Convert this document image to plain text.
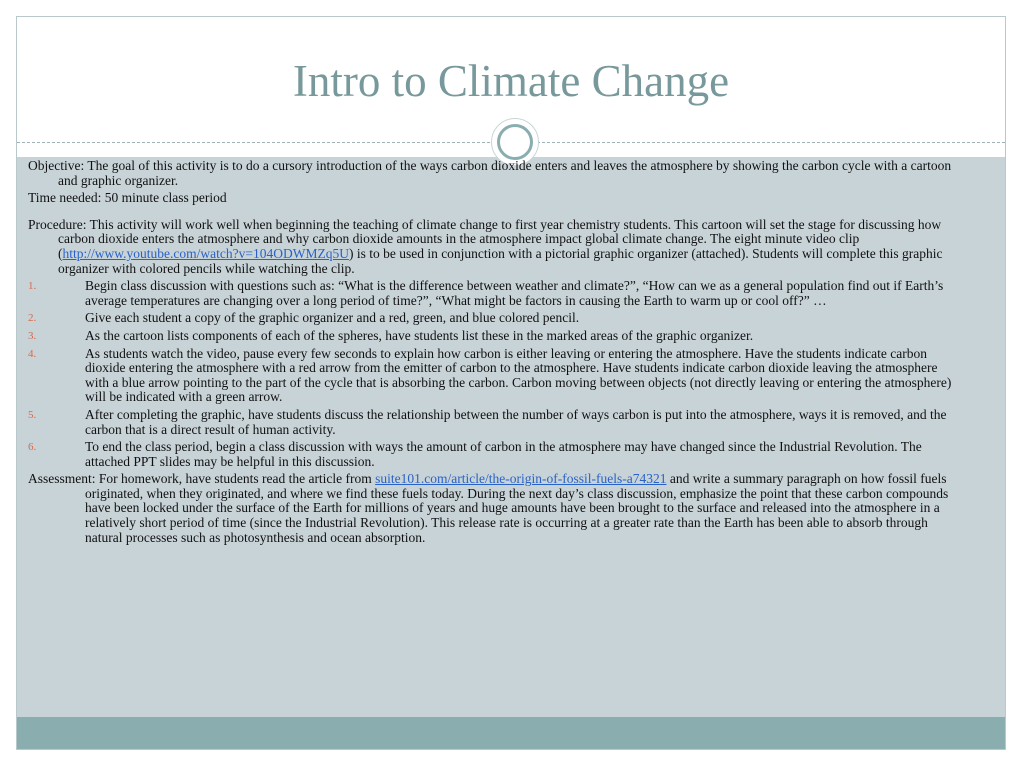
Intro to Climate Change

Objective: The goal of this activity is to do a cursory introduction of the ways carbon dioxide enters and leaves the atmosphere by showing the carbon cycle with a cartoon and graphic organizer.

Time needed: 50 minute class period

Procedure: This activity will work well when beginning the teaching of climate change to first year chemistry students. This cartoon will set the stage for discussing how carbon dioxide enters the atmosphere and why carbon dioxide amounts in the atmosphere impact global climate change. The eight minute video clip (http://www.youtube.com/watch?v=104ODWMZq5U) is to be used in conjunction with a pictorial graphic organizer (attached). Students will complete this graphic organizer with colored pencils while watching the clip.

1.	Begin class discussion with questions such as: “What is the difference between weather and climate?”, “How can we as a general population find out if Earth’s average temperatures are changing over a long period of time?”, “What might be factors in causing the Earth to warm up or cool off?” …
2.	Give each student a copy of the graphic organizer and a red, green, and blue colored pencil.
3.	As the cartoon lists components of each of the spheres, have students list these in the marked areas of the graphic organizer.
4.	As students watch the video, pause every few seconds to explain how carbon is either leaving or entering the atmosphere. Have the students indicate carbon dioxide entering the atmosphere with a red arrow from the emitter of carbon to the atmosphere. Have students indicate carbon dioxide leaving the atmosphere with a blue arrow pointing to the part of the cycle that is absorbing the carbon. Carbon moving between objects (not directly leaving or entering the atmosphere) will be indicated with a green arrow.
5.	After completing the graphic, have students discuss the relationship between the number of ways carbon is put into the atmosphere, ways it is removed, and the carbon that is a direct result of human activity.
6.	To end the class period, begin a class discussion with ways the amount of carbon in the atmosphere may have changed since the Industrial Revolution. The attached PPT slides may be helpful in this discussion.

Assessment: For homework, have students read the article from suite101.com/article/the-origin-of-fossil-fuels-a74321 and write a summary paragraph on how fossil fuels originated, when they originated, and where we find these fuels today. During the next day’s class discussion, emphasize the point that these carbon compounds have been locked under the surface of the Earth for millions of years and huge amounts have been brought to the surface and released into the atmosphere in a relatively short period of time (since the Industrial Revolution). This release rate is occurring at a greater rate than the Earth has been able to absorb through natural processes such as photosynthesis and ocean absorption.
